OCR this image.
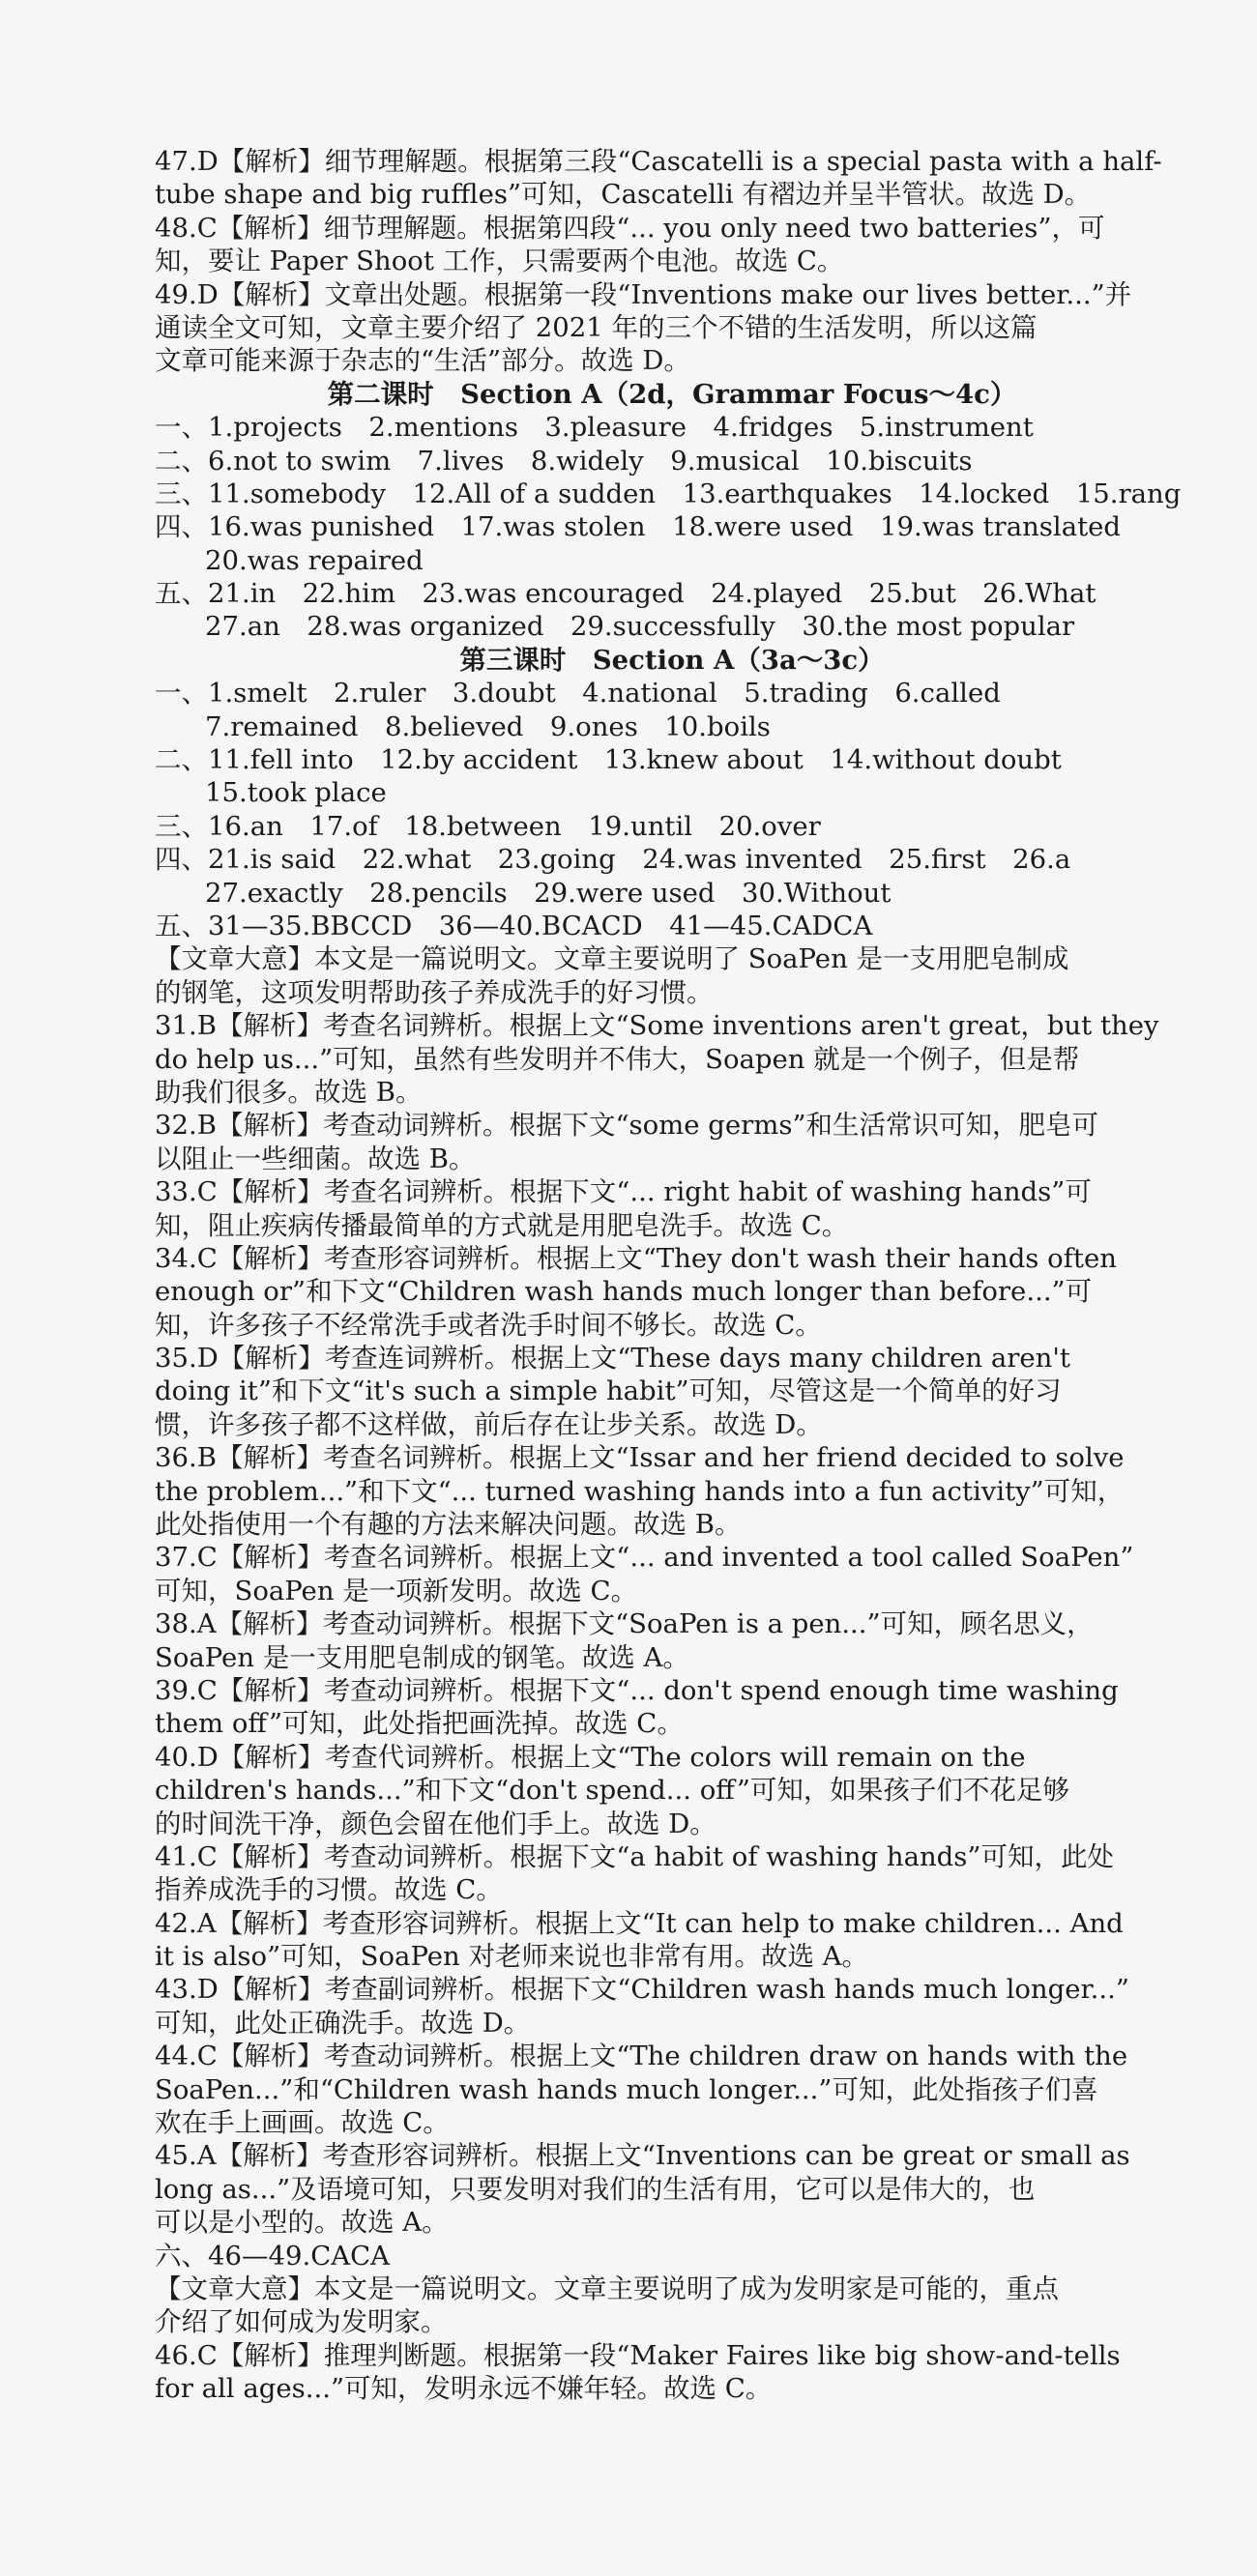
47.D【解析】细节理解题。根据第三段“Cascatelli is a special pasta with a half-
tube shape and big ruffles”可知，Cascatelli 有褶边并呈半管状。故选 D。
48.C【解析】细节理解题。根据第四段“... you only need two batteries”，可
知，要让 Paper Shoot 工作，只需要两个电池。故选 C。
49.D【解析】文章出处题。根据第一段“Inventions make our lives better...”并
通读全文可知，文章主要介绍了 2021 年的三个不错的生活发明，所以这篇
文章可能来源于杂志的“生活”部分。故选 D。
第二课时　Section A（2d，Grammar Focus～4c）
一、1.projects　2.mentions　3.pleasure　4.fridges　5.instrument
二、6.not to swim　7.lives　8.widely　9.musical　10.biscuits
三、11.somebody　12.All of a sudden　13.earthquakes　14.locked　15.rang
四、16.was punished　17.was stolen　18.were used　19.was translated
20.was repaired
五、21.in　22.him　23.was encouraged　24.played　25.but　26.What
27.an　28.was organized　29.successfully　30.the most popular
第三课时　Section A（3a～3c）
一、1.smelt　2.ruler　3.doubt　4.national　5.trading　6.called
7.remained　8.believed　9.ones　10.boils
二、11.fell into　12.by accident　13.knew about　14.without doubt
15.took place
三、16.an　17.of　18.between　19.until　20.over
四、21.is said　22.what　23.going　24.was invented　25.first　26.a
27.exactly　28.pencils　29.were used　30.Without
五、31—35.BBCCD　36—40.BCACD　41—45.CADCA
【文章大意】本文是一篇说明文。文章主要说明了 SoaPen 是一支用肥皂制成
的钢笔，这项发明帮助孩子养成洗手的好习惯。
31.B【解析】考查名词辨析。根据上文“Some inventions aren't great，but they
do help us...”可知，虽然有些发明并不伟大，Soapen 就是一个例子，但是帮
助我们很多。故选 B。
32.B【解析】考查动词辨析。根据下文“some germs”和生活常识可知，肥皂可
以阻止一些细菌。故选 B。
33.C【解析】考查名词辨析。根据下文“... right habit of washing hands”可
知，阻止疾病传播最简单的方式就是用肥皂洗手。故选 C。
34.C【解析】考查形容词辨析。根据上文“They don't wash their hands often
enough or”和下文“Children wash hands much longer than before...”可
知，许多孩子不经常洗手或者洗手时间不够长。故选 C。
35.D【解析】考查连词辨析。根据上文“These days many children aren't
doing it”和下文“it's such a simple habit”可知，尽管这是一个简单的好习
惯，许多孩子都不这样做，前后存在让步关系。故选 D。
36.B【解析】考查名词辨析。根据上文“Issar and her friend decided to solve
the problem...”和下文“... turned washing hands into a fun activity”可知，
此处指使用一个有趣的方法来解决问题。故选 B。
37.C【解析】考查名词辨析。根据上文“... and invented a tool called SoaPen”
可知，SoaPen 是一项新发明。故选 C。
38.A【解析】考查动词辨析。根据下文“SoaPen is a pen...”可知，顾名思义，
SoaPen 是一支用肥皂制成的钢笔。故选 A。
39.C【解析】考查动词辨析。根据下文“... don't spend enough time washing
them off”可知，此处指把画洗掉。故选 C。
40.D【解析】考查代词辨析。根据上文“The colors will remain on the
children's hands...”和下文“don't spend... off”可知，如果孩子们不花足够
的时间洗干净，颜色会留在他们手上。故选 D。
41.C【解析】考查动词辨析。根据下文“a habit of washing hands”可知，此处
指养成洗手的习惯。故选 C。
42.A【解析】考查形容词辨析。根据上文“It can help to make children... And
it is also”可知，SoaPen 对老师来说也非常有用。故选 A。
43.D【解析】考查副词辨析。根据下文“Children wash hands much longer...”
可知，此处正确洗手。故选 D。
44.C【解析】考查动词辨析。根据上文“The children draw on hands with the
SoaPen...”和“Children wash hands much longer...”可知，此处指孩子们喜
欢在手上画画。故选 C。
45.A【解析】考查形容词辨析。根据上文“Inventions can be great or small as
long as...”及语境可知，只要发明对我们的生活有用，它可以是伟大的，也
可以是小型的。故选 A。
六、46—49.CACA
【文章大意】本文是一篇说明文。文章主要说明了成为发明家是可能的，重点
介绍了如何成为发明家。
46.C【解析】推理判断题。根据第一段“Maker Faires like big show-and-tells
for all ages...”可知，发明永远不嫌年轻。故选 C。
